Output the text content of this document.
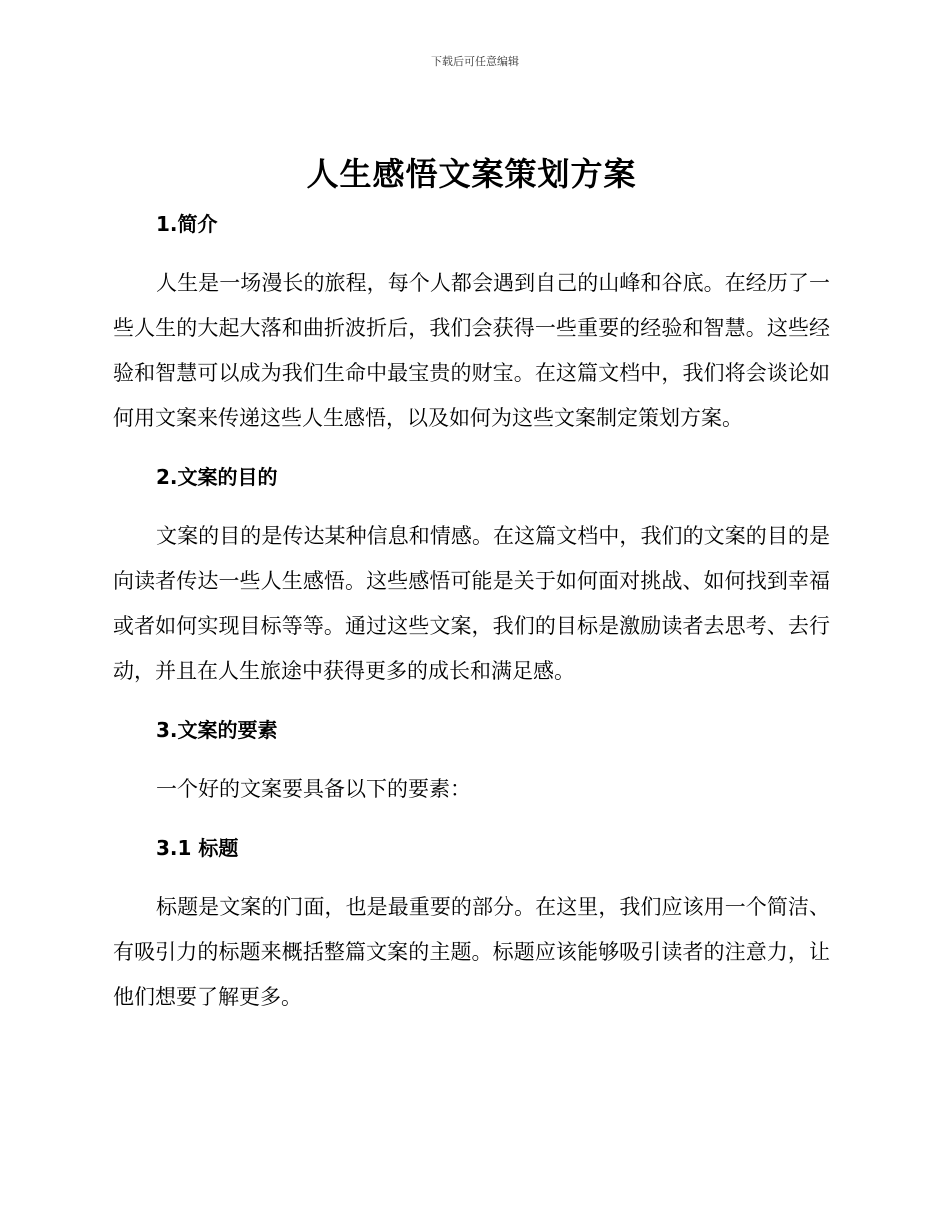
下载后可任意编辑
人生感悟文案策划方案
1.简介

人生是一场漫长的旅程，每个人都会遇到自己的山峰和谷底。在经历了一些人生的大起大落和曲折波折后，我们会获得一些重要的经验和智慧。这些经验和智慧可以成为我们生命中最宝贵的财宝。在这篇文档中，我们将会谈论如何用文案来传递这些人生感悟，以及如何为这些文案制定策划方案。

2.文案的目的

文案的目的是传达某种信息和情感。在这篇文档中，我们的文案的目的是向读者传达一些人生感悟。这些感悟可能是关于如何面对挑战、如何找到幸福或者如何实现目标等等。通过这些文案，我们的目标是激励读者去思考、去行动，并且在人生旅途中获得更多的成长和满足感。

3.文案的要素

一个好的文案要具备以下的要素：

3.1 标题

标题是文案的门面，也是最重要的部分。在这里，我们应该用一个简洁、有吸引力的标题来概括整篇文案的主题。标题应该能够吸引读者的注意力，让他们想要了解更多。
